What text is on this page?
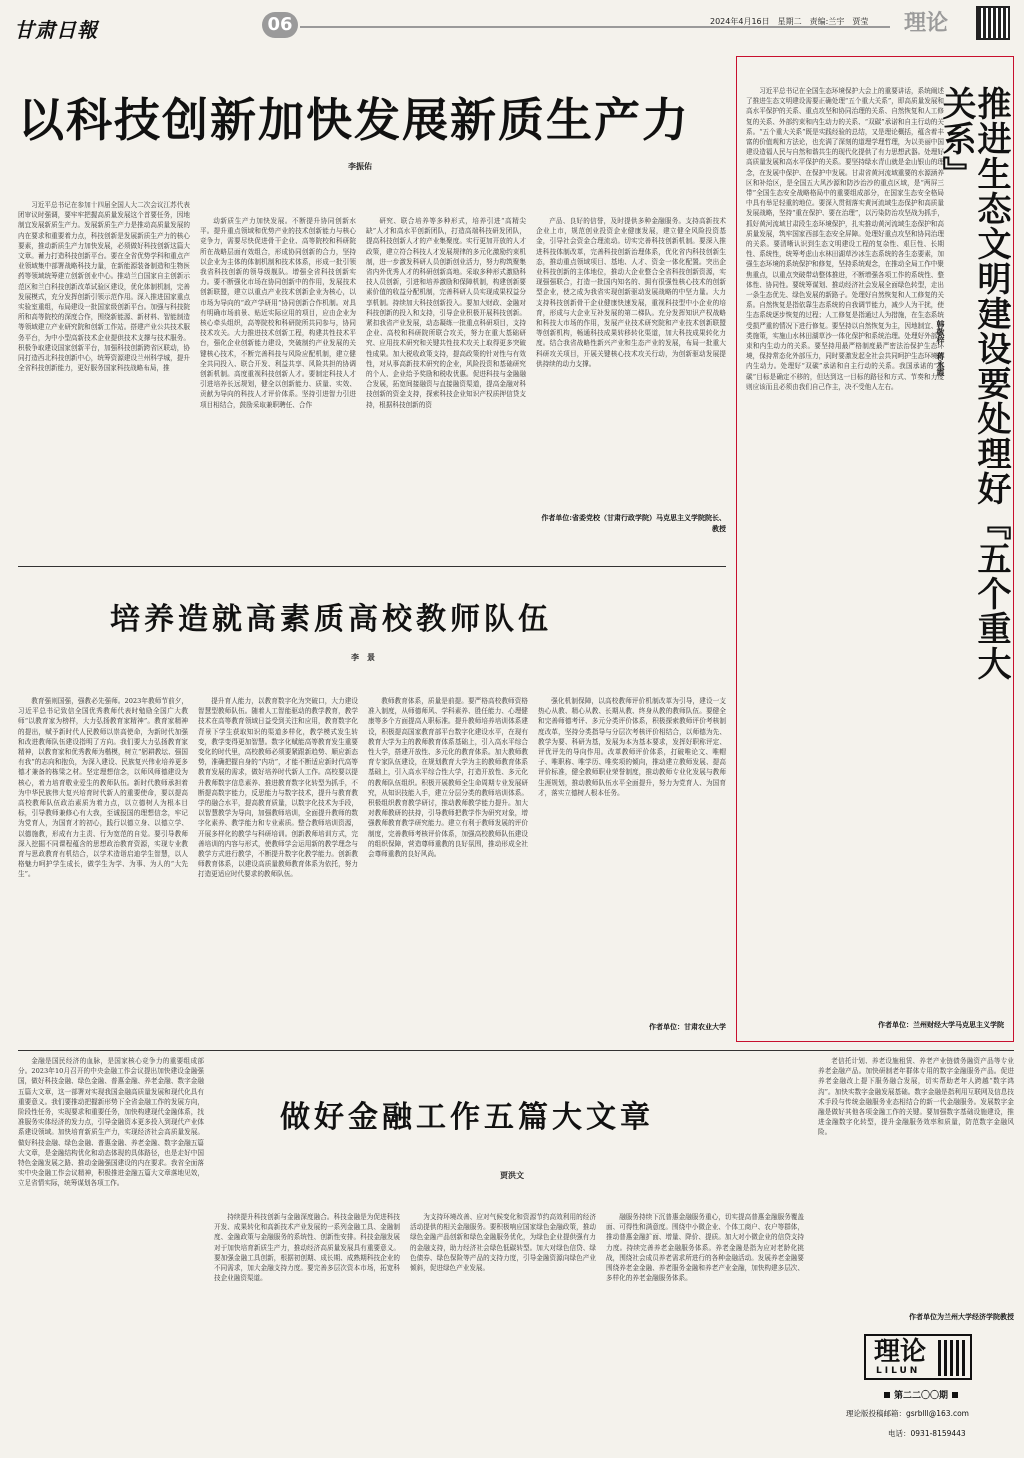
甘肃日報	06	2024年4月16日　星期二　责编:兰宇　贾莹 理论
以科技创新加快发展新质生产力
李振佑

习近平总书记在参加十四届全国人大二次会议江苏代表团审议时强调，要牢牢把握高质量发展这个首要任务，因地制宜发展新质生产力。发展新质生产力是推动高质量发展的内在要求和重要着力点，科技创新是发展新质生产力的核心要素，推动新质生产力加快发展，必须做好科技创新这篇大文章。蓄力打造科技创新平台。要在全省优势学科和重点产业领域集中部署战略科技力量，在新能源装备制造和生物医药等领域统筹建立创新创业中心。推动兰白国家自主创新示范区和兰白科技创新改革试验区建设，优化体制机制，完善发展模式，充分发挥创新引领示范作用。深入推进国家重点实验室重组，布局建设一批国家级创新平台。加强与科技院所和高等院校的深度合作，围绕新能源、新材料、智能制造等领域建立产业研究院和创新工作站。搭建产业公共技术服务平台，为中小型高新技术企业提供技术支撑与技术服务。积极争取建设国家创新平台，加强科技创新跨省区联动，协同打造西北科技创新中心，统筹资源建设兰州科学城，提升全省科技创新能力，更好服务国家科技战略布局，推

动新质生产力加快发展。不断提升协同创新水平。提升重点领域和优势产业的技术创新能力与核心竞争力，需要尽快促进骨干企业、高等院校和科研院所在战略层面有效组合，形成协同创新的合力，坚持以企业为主体的体制机制和技术体系，形成一批引领我省科技创新的领导级舰队。增强全省科技创新实力。要不断强化市场在协同创新中的作用，发展技术创新联盟，建立以重点产业技术创新企业为核心，以市场为导向的“政产学研用”协同创新合作机制。对具有明确市场前景、贴近实际应用的项目，应由企业为核心牵头组织，高等院校和科研院所共同参与，协同技术攻关。大力推进技术创新工程，构建共性技术平台，强化企业创新能力建设，突破制约产业发展的关键核心技术，不断完善科技与风险应配机制，建立健全共同投入、联合开发、利益共享、风险共担的协调创新机制。高度重视科技创新人才。要制定科技人才引进培养长远规划，健全以创新能力、质量、实效、贡献为导向的科技人才评价体系。坚持引进智力引进项目相结合，鼓励采取兼职聘任、合作

研究、联合培养等多种形式，培养引进“高精尖缺”人才和高水平创新团队，打造高端科技研发团队，提高科技创新人才的产业集聚度。实行更加开放的人才政策，建立符合科技人才发展规律的多元化激励约束机制，进一步激发科研人员创新创业活力，努力构筑聚集省内外优秀人才的科研创新高地。采取多种形式激励科技人员创新，引进和培养激励和保障机制，构建创新要素价值的收益分配机制，完善科研人员实现成果权益分享机制。持续加大科技创新投入。要加大财政、金融对科技创新的投入和支持，引导企业积极开展科技创新。紧扣我省产业发展，动态凝练一批重点科研项目，支持企业、高校和科研院所联合攻关，努力在重大基础研究、应用技术研究和关键共性技术攻关上取得更多突破性成果。加大税收政策支持，提高政策的针对性与有效性，对从事高新技术研究的企业，风险投资和基础研究的个人、企业给予奖励和税收优惠。促进科技与金融融合发展，拓宽间接融资与直接融资渠道，提高金融对科技创新的资金支持，探索科技企业知识产权质押信贷支持，根据科技创新的资

产品、良好的信誉，及时提供多种金融服务。支持高新技术企业上市，规范创业投资企业健康发展，建立健全风险投资基金，引导社会资金合理流动。切实完善科技创新机制。要深入推进科技体制改革，完善科技创新治理体系，优化省内科技创新生态，推动重点领域项目、基地、人才、资金一体化配置。突出企业科技创新的主体地位，推动大企业整合全省科技创新资源，实现强强联合，打造一批国内知名的、拥有很强性核心技术的创新型企业，使之成为我省实现创新驱动发展战略的中坚力量。大力支持科技创新骨干企业健康快速发展，重视科技型中小企业的培育，形成与大企业互补发展的第二梯队。充分发挥知识产权战略和科技大市场的作用，发展产业技术研究院和产业技术创新联盟等创新机构，畅通科技成果转移转化渠道，加大科技成果转化力度。结合我省战略性新兴产业和生态产业的发展，布局一批重大科研攻关项目，开展关键核心技术攻关行动，为创新驱动发展提供持续的动力支撑。

作者单位:省委党校（甘肃行政学院）马克思主义学院院长、教授
培养造就高素质高校教师队伍
李　景

教育强则国强，强教必先强师。2023年教师节前夕，习近平总书记致信全国优秀教师代表时勉励全国广大教师“以教育家为榜样，大力弘扬教育家精神”。教育家精神的提出，赋予新时代人民教师以崇高使命，为新时代加强和改进教师队伍建设指明了方向。我们要大力弘扬教育家精神，以教育家和优秀教师为楷模，树立“躬耕教坛、强国有我”的志向和抱负，为深入建设、民族复兴伟业培养更多德才兼备的栋梁之材。坚定理想信念，以师风师德建设为核心，着力培育敬业爱生的教师队伍。新时代教师承担着为中华民族伟大复兴培育时代新人的重要使命，要以提高高校教师队伍政治素质为着力点，以立德树人为根本目标，引导教师兼修心有大我，至诚报国的理想信念，牢记为党育人，为国育才的初心，践行以德立身、以德立学、以德施教，形成有力主责、行为宽范的自觉。要引导教师深入挖掘不同课程蕴含的思想政治教育资源，实现专业教育与思政教育有机结合，以学术造诣启迪学生智慧，以人格魅力呵护学生成长，做学生为学、为事、为人的“大先生”。

提升育人能力，以教育数字化为突破口，大力建设智慧型教师队伍。随着人工智能驱动的教学教育，教学技术在高等教育领域日益受到关注和应用，教育数字化背景下学生获取知识的渠道多样化，教学模式发生转变，教学变得更加智慧。数字化赋能高等教育发生重要变化的时代里，高校教师必须要紧跟新趋势、顺应新态势，准确把握自身的“内功”，才能不断适应新时代高等教育发展的需求，做好培养时代新人工作。高校要以提升教师数字信息素养、推进教育数字化转型为抓手，不断提高数字能力，反思能力与数字技术，提升与教育教学的融合水平，提高教育质量，以数字化技术为手段，以智慧教学为导向，加强教师培训，全面提升教师的数字化素养、教学能力和专业素质。整合教师培训资源，开展多样化的教学与科研培训。创新教师培训方式，完善培训的内容与形式，使教师学会运用新的教学理念与教学方式进行教学，不断提升数字化教学能力。创新教师教育体系，以建设高质量教师教育体系为依托，努力打造更适应时代要求的教师队伍。

教师教育体系，质量是前提。要严格高校教师资格准入制度，从师德师风、学科素养、胜任能力、心理健康等多个方面提高人职标准。提升教师培养培训体系建设，积极提高国家教育部平台数字化建设水平，在现有教育大学为主的教师教育体系基础上，引入高水平综合性大学，搭建开放性、多元化的教育体系。加大教师教育专家队伍建设，在规划教育大学为主的教师教育体系基础上，引入高水平综合性大学，打造开放性、多元化的教师队伍组织。积极开展教师全生命周期专业发展研究，从知识技能入手，建立分层分类的教师培训体系。积极组织教育教学研讨，推动教师教学能力提升。加大对教师教研的扶持，引导教师把教学作为研究对象，增强教师教育教学研究能力。建立有利于教师发展的评价制度，完善教师考核评价体系，加强高校教师队伍建设的组织保障，营造尊师重教的良好氛围，推动形成全社会尊师重教的良好风尚。

强化机制保障，以高校教师评价机制改革为引导，建设一支热心从教、精心从教、长期从教、终身从教的教师队伍。要健全和完善师德考评、多元分类评价体系，积极探索教师评价考核制度改革，坚持分类指导与分层次考核评价相结合，以师德为先、教学为要、科研为基，发展为本为基本要求，发挥好职称评定、评优评先的导向作用。改革教师评价体系，打破唯论文、唯帽子、唯职称、唯学历、唯奖项的倾向，推动建立教师发展、提高评价标准，健全教师职业荣誉制度，推动教师专业化发展与教师生涯规划，推动教师队伍水平全面提升，努力为党育人、为国育才，落实立德树人根本任务。

作者单位：甘肃农业大学

习近平总书记在全国生态环境保护大会上的重要讲话，系统阐述了推进生态文明建设需要正确处理“五个重大关系”，即高质量发展和高水平保护的关系、重点攻坚和协同治理的关系、自然恢复和人工修复的关系、外部约束和内生动力的关系、“双碳”承诺和自主行动的关系。“五个重大关系”既是实践经验的总结，又是理论概括，蕴含着丰富的价值观和方法论，也充满了深刻的道理学理哲理，为以美丽中国建设造福人民与自然和谐共生的现代化提供了有力思想武器。处理好高质量发展和高水平保护的关系。要坚持绿水青山就是金山银山的理念，在发展中保护、在保护中发展。甘肃省黄河流域重要的水源涵养区和补给区，是全国五大风沙源和防沙治沙的重点区域，是“两屏三带”全国生态安全战略格局中的重要组成部分，在国家生态安全格局中具有举足轻重的地位。要深入贯彻落实黄河流域生态保护和高质量发展战略，坚持“重在保护、要在治理”，以污染防治攻坚战为抓手，抓好黄河流域甘肃段生态环境保护，扎实推动黄河流域生态保护和高质量发展，筑牢国家西部生态安全屏障。处理好重点攻坚和协同治理的关系。要清晰认识到生态文明建设工程的复杂性、艰巨性、长期性、系统性，统筹考虑山水林田湖草沙冰生态系统的各生态要素，加强生态环境的系统保护和修复，坚持系统观念，在推动全局工作中聚焦重点，以重点突破带动整体推进，不断增强各项工作的系统性、整体性、协同性。要统筹谋划、推动经济社会发展全面绿色转型，走出一条生态优先、绿色发展的新路子。处理好自然恢复和人工修复的关系。自然恢复是指依靠生态系统的自我调节能力，减少人为干扰，使生态系统逐步恢复的过程；人工修复是指通过人为措施，在生态系统受损严重的情况下进行修复。要坚持以自然恢复为主，因地制宜、分类施策，实施山水林田湖草沙一体化保护和系统治理。处理好外部约束和内生动力的关系。要坚持用最严格制度最严密法治保护生态环境，保持常态化外部压力，同时要激发起全社会共同呵护生态环境的内生动力。处理好“双碳”承诺和自主行动的关系。我国承诺的“双碳”目标是确定不移的，但达到这一目标的路径和方式、节奏和力度则应该而且必须由我们自己作主，决不受他人左右。

作者单位：兰州财经大学马克思主义学院
推进生态文明建设要处理好『五个重大关系』
韩敬梓　蒋永霞

金融是国民经济的血脉，是国家核心竞争力的重要组成部分。2023年10月召开的中央金融工作会议提出加快建设金融强国，做好科技金融、绿色金融、普惠金融、养老金融、数字金融五篇大文章，这一部署对实现我国金融高质量发展和现代化具有重要意义。我们要推动把握新形势下全省金融工作的发展方向，阶段性任务，实现要求和重要任务，加快构建现代金融体系，找准服务实体经济的发力点，引导金融资本更多投入到现代产业体系建设领域。加快培育新质生产力，实现经济社会高质量发展。做好科技金融、绿色金融、普惠金融、养老金融、数字金融五篇大文章，是金融结构优化和动态体现的具体路径，也是走好中国特色金融发展之路、推动金融强国建设的内在要求。我省全面落实中央金融工作会议精神，积极推进金融五篇大文章落地见效，立足省情实际，统筹谋划各项工作。

做好金融工作五篇大文章
贾洪文

持续提升科技创新与金融深度融合。科技金融是为促进科技开发、成果转化和高新技术产业发展的一系列金融工具、金融制度、金融政策与金融服务的系统性、创新性安排。科技金融发展对于加快培育新质生产力，推动经济高质量发展具有重要意义。要加强金融工具创新，根据初创期、成长期、成熟期科技企业的不同需求，加大金融支持力度。要完善多层次资本市场，拓宽科技企业融资渠道。

为支持环境改善、应对气候变化和资源节约高效利用的经济活动提供的相关金融服务。要积极响应国家绿色金融政策，推动绿色金融产品创新和绿色金融服务优化，为绿色企业提供强有力的金融支持，助力经济社会绿色低碳转型。加大对绿色信贷、绿色债券、绿色保险等产品的支持力度，引导金融资源向绿色产业倾斜，促进绿色产业发展。

融服务持续下沉普惠金融服务重心，切实提高普惠金融服务覆盖面、可得性和满意度。围绕中小微企业、个体工商户、农户等群体，推动普惠金融扩面、增量、降价、提质。加大对小微企业的信贷支持力度。持续完善养老金融服务体系。养老金融是指为应对老龄化挑战，围绕社会成员养老需求所进行的各种金融活动。发展养老金融要围绕养老金金融、养老服务金融和养老产业金融，加快构建多层次、多样化的养老金融服务体系。

老信托计划、养老设施租赁、养老产业链债务融资产品等专业养老金融产品。加快研制老年群体专用的数字金融服务产品。促进养老金融改上提下服务融合发展，切实帮助老年人跨越“数字鸿沟”。加快实数字金融发展基础。数字金融是指利用互联网及信息技术手段与传统金融服务业态相结合的新一代金融服务。发展数字金融是做好其他各项金融工作的关键。要加强数字基础设施建设，推进金融数字化转型，提升金融服务效率和质量，防范数字金融风险。

作者单位为兰州大学经济学院教授
理论
LILUN
第二二〇〇期
理论版投稿邮箱：gsrblll@163.com
电话：0931-8159443
